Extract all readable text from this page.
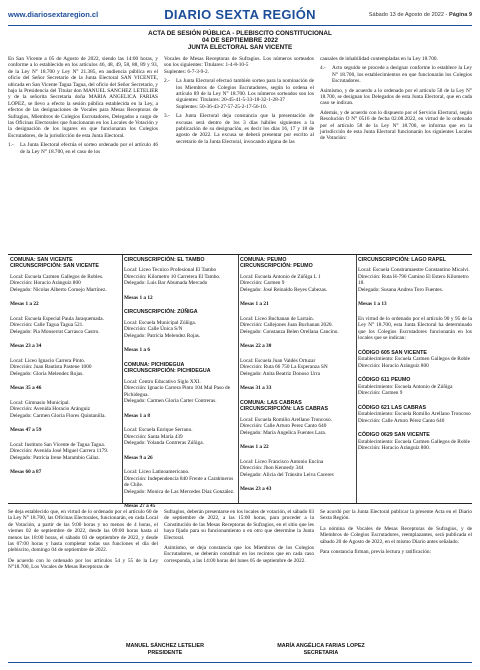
www.diariosextaregion.cl	DIARIO SEXTA REGIÓN	Sábado 13 de Agosto de 2022 - Página 9
ACTA DE SESIÓN PÚBLICA - PLEBISCITO CONSTITUCIONAL
04 DE SEPTIEMBRE 2022
JUNTA ELECTORAL SAN VICENTE

En San Vicente a 05 de Agosto de 2022, siendo las 14:00 horas, y conforme a lo establecido en los artículos 46, 48, 49, 58, 88, 89 y 93, de la Ley N° 18.700 y Ley N° 21.385, en audiencia pública en el oficio del Señor Secretario de la Junta Electoral SAN VICENTE, ubicada en San Vicente Tagua Tagua, del oficio del Señor Secretario, y bajo la Presidencia del Titular don MANUEL SANCHEZ LETELIER y de la señorita Secretaria doña MARIA ANGELICA FARIAS LOPEZ, se llevo a efecto la sesión pública establecida en la Ley, a efectos de las designaciones de Vocales para Mesas Receptoras de Sufragios, Miembros de Colegios Escrutadores, Delegados a cargo de las Oficinas Electorales que funcionaran en los Locales de Votación y la designación de los lugares en que funcionaran los Colegios Escrutadores, de la jurisdicción de esta Junta Electoral.

1.-	La Junta Electoral efectúa el sorteo ordenado por el artículo 46 de la Ley N° 18.700, en el caso de los

Vocales de Mesas Receptoras de Sufragios. Los números sorteados son los siguientes: Titulares: 1-4-8-10-5
Suplentes: 6-7-3-9-2.

2.-	La Junta Electoral efectuó también sorteo para la nominación de los Miembros de Colegios Escrutadores, según lo ordena el artículo 89 de la Ley N° 18.700. Los números sorteados son los siguientes: Titulares: 20-45-41-5-33-18-32-1-28-37
Suplentes: 50-36-43-27-57-25-2-17-56-10.
3.-	La Junta Electoral deja constancia que la presentación de excusas será dentro de los 3 días hábiles siguientes a la publicación de su designación, es decir los días 16, 17 y 18 de agosto de 2022. La excusa se deberá presentar por escrito al secretario de la Junta Electoral, invocando alguna de las

causales de inhabilidad contempladas en la Ley 18.700.

4.-	Acto seguido se procede a designar conforme lo establece la Ley N° 18.700, los establecimientos en que funcionarán los Colegios Escrutadores.

Asimismo, y de acuerdo a lo ordenado por el artículo 58 de la Ley N° 18.700, se designan los Delegados de esta Junta Electoral, que en cada caso se indican.

Además, y de acuerdo con lo dispuesto por el Servicio Electoral, según Resolución O N° 0516 de fecha 02.08.2022, en virtud de lo ordenado por el artículo 58 de la Ley N° 18.700, se informa que en la jurisdicción de esta Junta Electoral funcionarán los siguientes Locales de Votación:

COMUNA: SAN VICENTE
CIRCUNSCRIPCIÓN: SAN VICENTE
Local: Escuela Carmen Gallegos de Robles.
Dirección: Horacio Aránguiz 800
Delegado: Nicolas Alberto Cornejo Martínez.
Mesas 1 a 22
Local: Escuela Especial Paula Jaraquemada.
Dirección: Calle Tagua Tagua 521.
Delegado: Pia Monserrat Carrasco Castro.
Mesas 23 a 34
Local: Liceo Ignacio Carrera Pinto.
Dirección: Juan Bautista Pastene 1000
Delegado: Gloria Melendez Rojas.
Mesas 35 a 46
Local: Gimnasio Municipal.
Dirección: Avenida Horacio Aránguiz
Delegado: Carmen Gloria Flores Quintanilla.
Mesas 47 a 59
Local: Instituto San Vicente de Tagua Tagua.
Dirección: Avenida José Miguel Carrera 1179.
Delegado: Patricia Irene Marambio Gálaz.
Mesas 60 a 87
CIRCUNSCRIPCIÓN: EL TAMBO
Local: Liceo Tecnico Profesional El Tambo
Dirección: Kilometro 10 Carretera El Tambo.
Delegado: Luis Bar Abumada Mercado
Mesas 1 a 12
CIRCUNSCRIPCIÓN: ZÚÑIGA
Local: Escuela Municipal Zúñiga.
Dirección: Calle Única S/N
Delegado: Patricia Melendez Rojas.
Mesas 1 a 6
COMUNA: PICHIDEGUA
CIRCUNSCRIPCIÓN: PICHIDEGUA
Local: Centro Educativo Siglo XXI.
Dirección: Ignacio Carrera Pinto 104 Mal Paso de Pichidegua.
Delegado: Carmen Gloria Carter Contreras.
Mesas 1 a 8
Local: Escuela Enrique Serrano.
Dirección: Santa María 439
Delegado: Yolanda Contreras Zúñiga.
Mesas 9 a 26
Local: Liceo Latinoamericano.
Dirección: Independencia 840 Frente a Carabineros de Chile.
Delegado: Monica de Las Mercedes Díaz González.
Mesas 27 a 45
COMUNA: PEUMO
CIRCUNSCRIPCIÓN: PEUMO
Local: Escuela Antonio de Zúñiga L 1
Dirección: Carmen 9
Delegado: José Reinaldo Reyes Cabezas.
Mesas 1 a 21
Local: Liceo Buchanan de Larraín.
Dirección: Callejones Juan Buchanan 2020.
Delegado: Constanza Belen Orellana Cancino.
Mesas 22 a 30
Local: Escuela Juan Valdés Ortuzar
Dirección: Ruta 66 750 La Esperanza SN
Delegado: Anita Beatriz Donoso Urra
Mesas 31 a 33
COMUNA: LAS CABRAS
CIRCUNSCRIPCIÓN: LAS CABRAS
Local: Escuela Romilio Arellano Troncoso.
Dirección: Calle Arturo Perez Canto 640
Delegado: María Angelica Fuentes Lara.
Mesas 1 a 22
Local: Liceo Francisco Antonio Encina
Dirección: Jhon Kennedy 344
Delegado: Alicia del Tránsito Leiva Caceres
Mesas 23 a 43
CIRCUNSCRIPCIÓN: LAGO RAPEL
Local: Escuela Constramaestre Constantino Micalvi.
Dirección: Ruta H-790 Camino El Estero Kilometro 18.
Delegado: Susana Andrea Toro Fuentes.
Mesas 1 a 13
En virtud de lo ordenado por el artículo 90 y 95 de la Ley N° 18.700, esta Junta Electoral ha determinado que los Colegios Escrutadores funcionarán en los locales que se indican:
CÓDIGO 605 SAN VICENTE
Establecimiento: Escuela Carmen Gallegos de Roble
Dirección: Horacio Aránguiz 800
CÓDIGO 611 PEUMO
Establecimiento: Escuela Antonio de Zúñiga
Dirección: Carmen 9
CÓDIGO 621 LAS CABRAS
Establecimiento: Escuela Romilio Arellano Troncoso
Dirección: Calle Arturo Pérez Canto 640
CÓDIGO 0629 SAN VICENTE
Establecimiento: Escuela Carmen Gallegos de Roble
Dirección: Horacio Aránguiz 800.

Se deja establecido que, en virtud de lo ordenado por el artículo 60 de la Ley N° 18.700, las Oficinas Electorales, funcionarán, en cada Local de Votación, a partir de las 9:00 horas y no menos de 4 horas, el viernes 02 de septiembre de 2022, desde las 09:00 horas hasta al menos las 18:00 horas, el sábado 03 de septiembre de 2022, y desde las 07:00 horas y hasta completar todas sus funciones el día del plebiscito, domingo 04 de septiembre de 2022.

De acuerdo con lo ordenado por los artículos 54 y 55 de la Ley N°18.700, Los Vocales de Mesas Receptoras de

Sufragios, deberán presentarse en los locales de votación, el sábado 03 de septiembre de 2022, a las 15:00 horas, para proceder a la Constitución de las Mesas Receptoras de Sufragios, en el sitio que les haya fijado para su funcionamiento o en otro que determine la Junta Electoral.

Asimismo, se deja constancia que los Miembros de los Colegios Escrutadores, se deberán constituir en los recintos que en cada caso corresponda, a las 14:00 horas del lunes 05 de septiembre de 2022.

Se acordó por la Junta Electoral publicar la presente Acta en el Diario Sexta Región.

La nómina de Vocales de Mesas Receptoras de Sufragios, y de Miembros de Colegios Escrutadores, reemplazantes, será publicada el sábado 20 de Agosto de 2022, en el mismo Diario antes señalado.

Para constancia firman, previa lectura y ratificación:

MANUEL SÁNCHEZ LETELIER
PRESIDENTE
MARÍA ANGÉLICA FARIAS LOPEZ
SECRETARIA
